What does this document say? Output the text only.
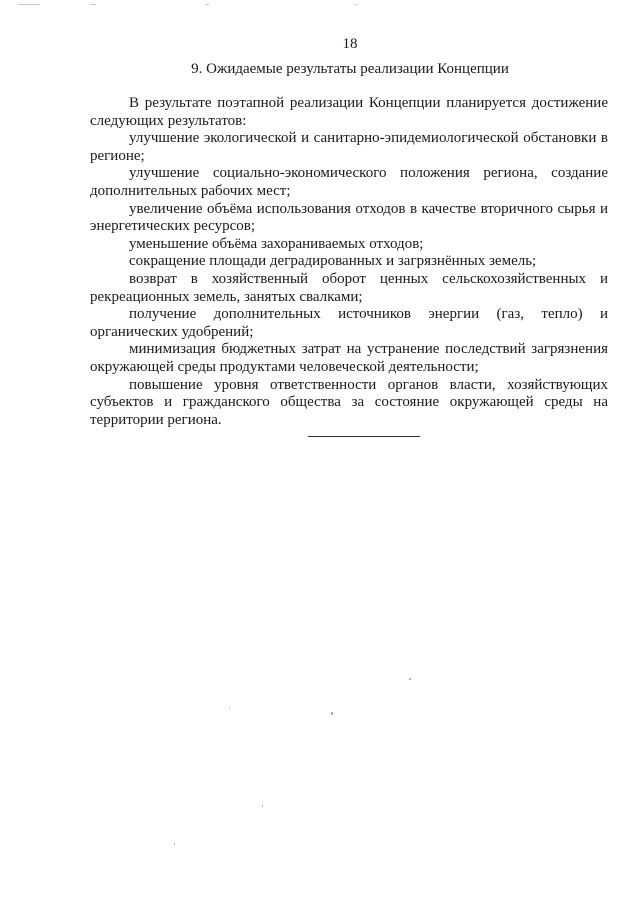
18
9. Ожидаемые результаты реализации Концепции

В результате поэтапной реализации Концепции планируется достижение следующих результатов:

улучшение экологической и санитарно-эпидемиологической обстановки в регионе;

улучшение социально-экономического положения региона, создание дополнительных рабочих мест;

увеличение объёма использования отходов в качестве вторичного сырья и энергетических ресурсов;

уменьшение объёма захораниваемых отходов;

сокращение площади деградированных и загрязнённых земель;

возврат в хозяйственный оборот ценных сельскохозяйственных и рекреационных земель, занятых свалками;

получение дополнительных источников энергии (газ, тепло) и органических удобрений;

минимизация бюджетных затрат на устранение последствий загрязнения окружающей среды продуктами человеческой деятельности;

повышение уровня ответственности органов власти, хозяйствующих субъектов и гражданского общества за состояние окружающей среды на территории региона.
